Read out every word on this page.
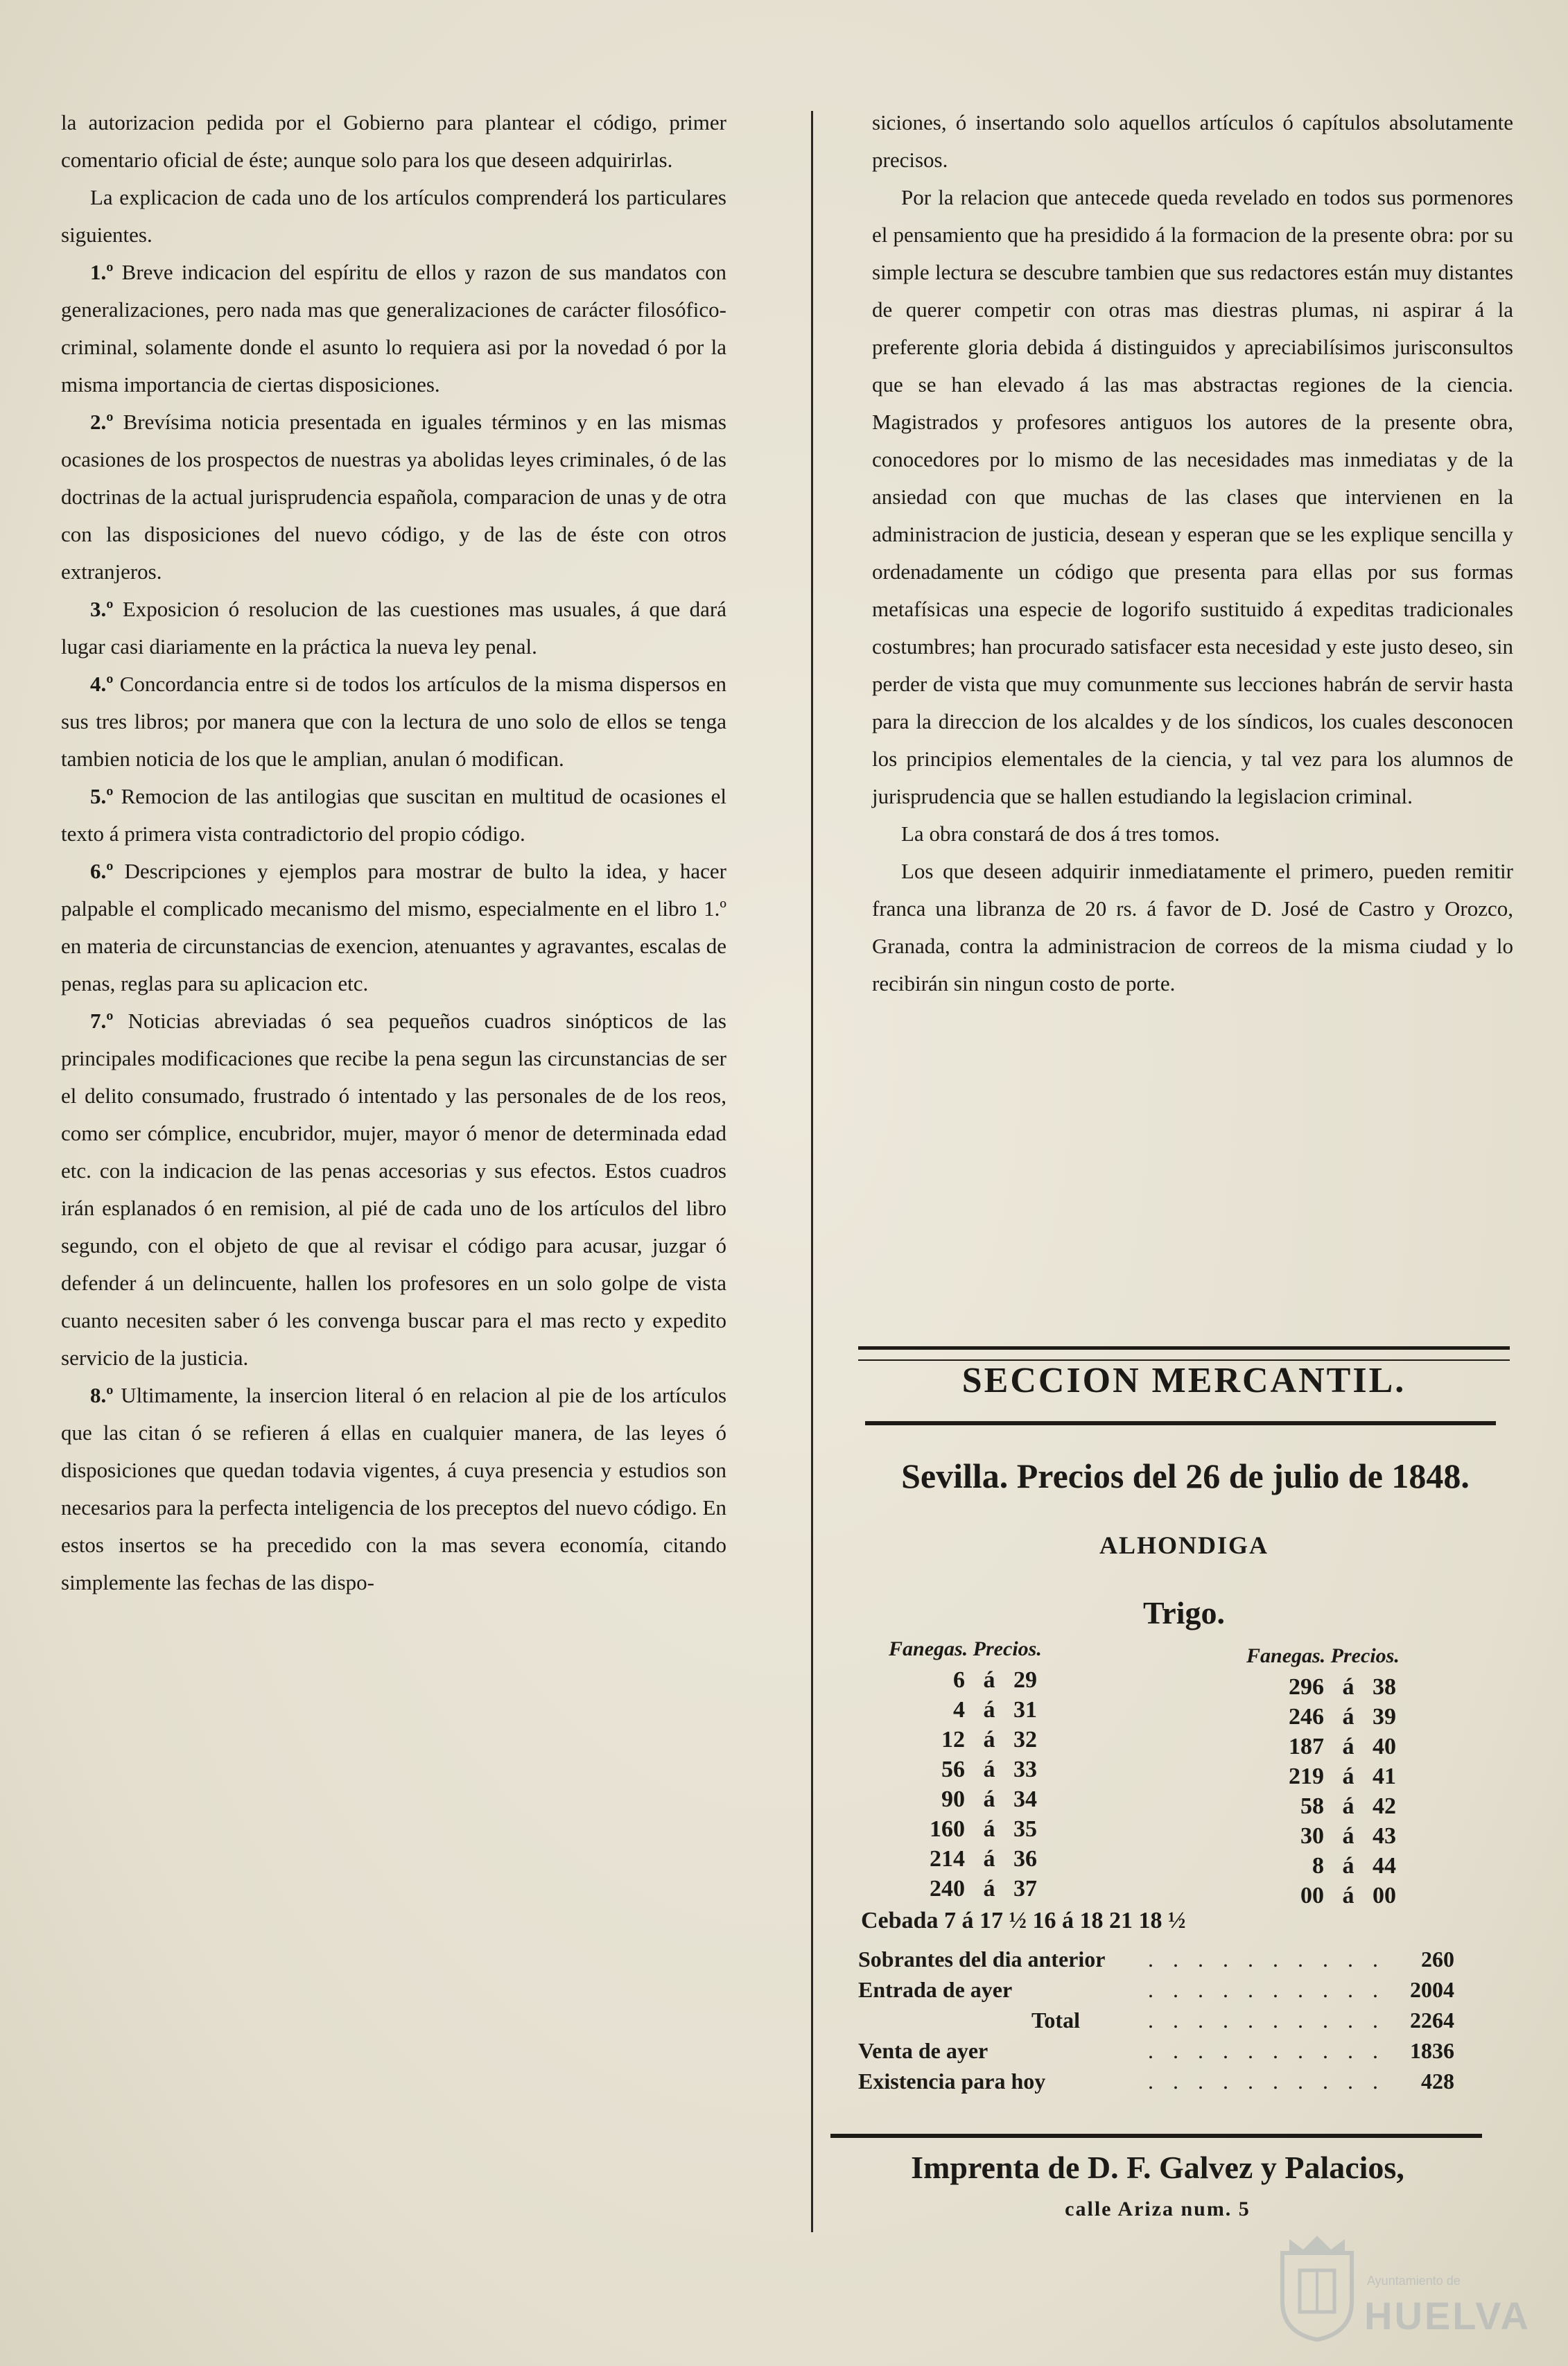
la autorizacion pedida por el Gobierno para plantear el código, primer comentario oficial de éste; aunque solo para los que deseen adquirirlas.

La explicacion de cada uno de los artículos comprenderá los particulares siguientes.

1.º Breve indicacion del espíritu de ellos y razon de sus mandatos con generalizaciones, pero nada mas que generalizaciones de carácter filosófico-criminal, solamente donde el asunto lo requiera asi por la novedad ó por la misma importancia de ciertas disposiciones.

2.º Brevísima noticia presentada en iguales términos y en las mismas ocasiones de los prospectos de nuestras ya abolidas leyes criminales, ó de las doctrinas de la actual jurisprudencia española, comparacion de unas y de otra con las disposiciones del nuevo código, y de las de éste con otros extranjeros.

3.º Exposicion ó resolucion de las cuestiones mas usuales, á que dará lugar casi diariamente en la práctica la nueva ley penal.

4.º Concordancia entre si de todos los artículos de la misma dispersos en sus tres libros; por manera que con la lectura de uno solo de ellos se tenga tambien noticia de los que le amplian, anulan ó modifican.

5.º Remocion de las antilogias que suscitan en multitud de ocasiones el texto á primera vista contradictorio del propio código.

6.º Descripciones y ejemplos para mostrar de bulto la idea, y hacer palpable el complicado mecanismo del mismo, especialmente en el libro 1.º en materia de circunstancias de exencion, atenuantes y agravantes, escalas de penas, reglas para su aplicacion etc.

7.º Noticias abreviadas ó sea pequeños cuadros sinópticos de las principales modificaciones que recibe la pena segun las circunstancias de ser el delito consumado, frustrado ó intentado y las personales de de los reos, como ser cómplice, encubridor, mujer, mayor ó menor de determinada edad etc. con la indicacion de las penas accesorias y sus efectos. Estos cuadros irán esplanados ó en remision, al pié de cada uno de los artículos del libro segundo, con el objeto de que al revisar el código para acusar, juzgar ó defender á un delincuente, hallen los profesores en un solo golpe de vista cuanto necesiten saber ó les convenga buscar para el mas recto y expedito servicio de la justicia.

8.º Ultimamente, la insercion literal ó en relacion al pie de los artículos que las citan ó se refieren á ellas en cualquier manera, de las leyes ó disposiciones que quedan todavia vigentes, á cuya presencia y estudios son necesarios para la perfecta inteligencia de los preceptos del nuevo código. En estos insertos se ha precedido con la mas severa economía, citando simplemente las fechas de las dispo-

siciones, ó insertando solo aquellos artículos ó capítulos absolutamente precisos.

Por la relacion que antecede queda revelado en todos sus pormenores el pensamiento que ha presidido á la formacion de la presente obra: por su simple lectura se descubre tambien que sus redactores están muy distantes de querer competir con otras mas diestras plumas, ni aspirar á la preferente gloria debida á distinguidos y apreciabilísimos jurisconsultos que se han elevado á las mas abstractas regiones de la ciencia. Magistrados y profesores antiguos los autores de la presente obra, conocedores por lo mismo de las necesidades mas inmediatas y de la ansiedad con que muchas de las clases que intervienen en la administracion de justicia, desean y esperan que se les explique sencilla y ordenadamente un código que presenta para ellas por sus formas metafísicas una especie de logorifo sustituido á expeditas tradicionales costumbres; han procurado satisfacer esta necesidad y este justo deseo, sin perder de vista que muy comunmente sus lecciones habrán de servir hasta para la direccion de los alcaldes y de los síndicos, los cuales desconocen los principios elementales de la ciencia, y tal vez para los alumnos de jurisprudencia que se hallen estudiando la legislacion criminal.

La obra constará de dos á tres tomos.

Los que deseen adquirir inmediatamente el primero, pueden remitir franca una libranza de 20 rs. á favor de D. José de Castro y Orozco, Granada, contra la administracion de correos de la misma ciudad y lo recibirán sin ningun costo de porte.

SECCION MERCANTIL.
Sevilla. Precios del 26 de julio de 1848.
ALHONDIGA
Trigo.
Fanegas. Precios.	Fanegas. Precios.
6	á	29
4	á	31
12	á	32
56	á	33
90	á	34
160	á	35
214	á	36
240	á	37
296	á	38
246	á	39
187	á	40
219	á	41
58	á	42
30	á	43
8	á	44
00	á	00
Cebada 7 á 17 ½ 16 á 18 21 18 ½
. . . . . . . . . .
Sobrantes del dia anterior	260
. . . . . . . . . .
Entrada de ayer	2004
. . . . . . . . . .
Total	2264
. . . . . . . . . .
Venta de ayer	1836
. . . . . . . . . .
Existencia para hoy	428
Imprenta de D. F. Galvez y Palacios,
calle Ariza num. 5
Ayuntamiento de
HUELVA
